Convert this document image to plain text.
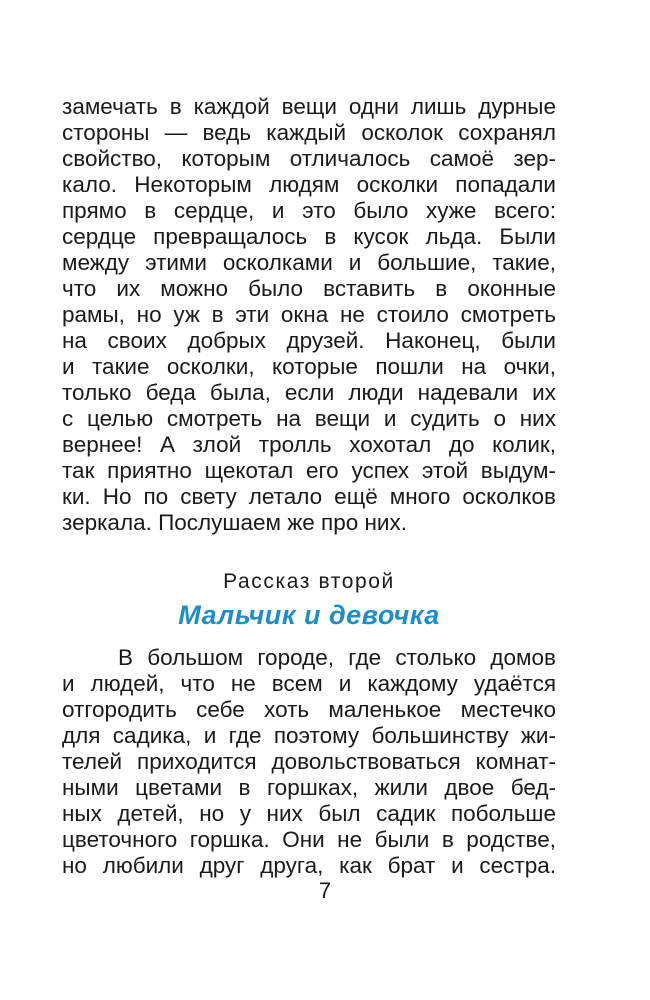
замечать в каждой вещи одни лишь дурные
стороны — ведь каждый осколок сохранял
свойство, которым отличалось самоё зер-
кало. Некоторым людям осколки попадали
прямо в сердце, и это было хуже всего:
сердце превращалось в кусок льда. Были
между этими осколками и большие, такие,
что их можно было вставить в оконные
рамы, но уж в эти окна не стоило смотреть
на своих добрых друзей. Наконец, были
и такие осколки, которые пошли на очки,
только беда была, если люди надевали их
с целью смотреть на вещи и судить о них
вернее! А злой тролль хохотал до колик,
так приятно щекотал его успех этой выдум-
ки. Но по свету летало ещё много осколков
зеркала. Послушаем же про них.
Рассказ второй
Мальчик и девочка
В большом городе, где столько домов
и людей, что не всем и каждому удаётся
отгородить себе хоть маленькое местечко
для садика, и где поэтому большинству жи-
телей приходится довольствоваться комнат-
ными цветами в горшках, жили двое бед-
ных детей, но у них был садик побольше
цветочного горшка. Они не были в родстве,
но любили друг друга, как брат и сестра.
7
